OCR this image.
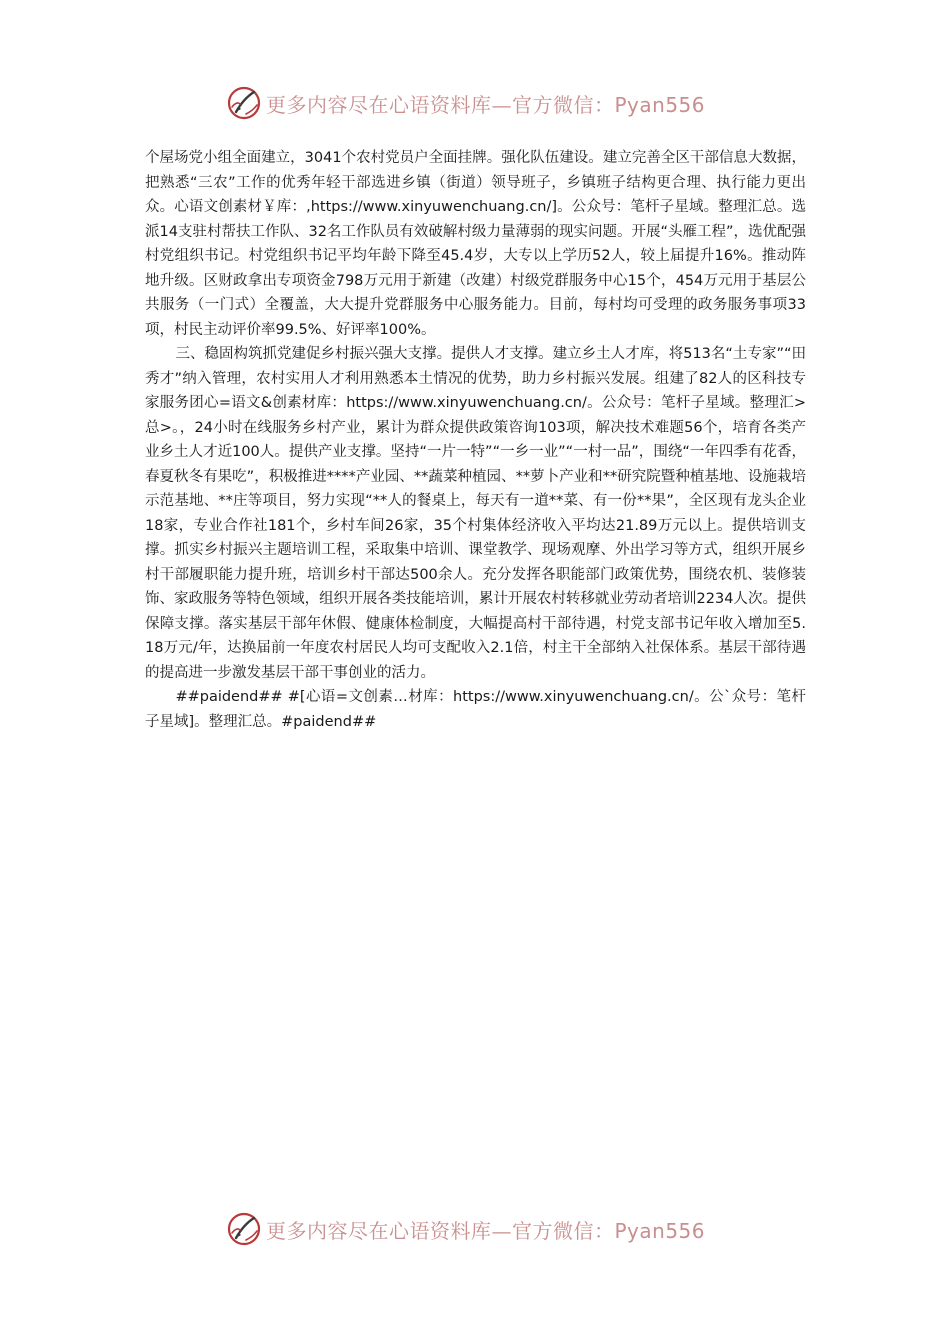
更多内容尽在心语资料库—官方微信：Pyan556

个屋场党小组全面建立，3041个农村党员户全面挂牌。强化队伍建设。建立完善全区干部信息大数据，把熟悉“三农”工作的优秀年轻干部选进乡镇（街道）领导班子，乡镇班子结构更合理、执行能力更出众。心语文创素材￥库：,https://www.xinyuwenchuang.cn/]。公众号：笔杆子星域。整理汇总。选派14支驻村帮扶工作队、32名工作队员有效破解村级力量薄弱的现实问题。开展“头雁工程”，选优配强村党组织书记。村党组织书记平均年龄下降至45.4岁，大专以上学历52人，较上届提升16%。推动阵地升级。区财政拿出专项资金798万元用于新建（改建）村级党群服务中心15个，454万元用于基层公共服务（一门式）全覆盖，大大提升党群服务中心服务能力。目前，每村均可受理的政务服务事项33项，村民主动评价率99.5%、好评率100%。

三、稳固构筑抓党建促乡村振兴强大支撑。提供人才支撑。建立乡土人才库，将513名“土专家”“田秀才”纳入管理，农村实用人才利用熟悉本土情况的优势，助力乡村振兴发展。组建了82人的区科技专家服务团心=语文&创素材库：https://www.xinyuwenchuang.cn/。公众号：笔杆子星域。整理汇>总>。，24小时在线服务乡村产业，累计为群众提供政策咨询103项，解决技术难题56个，培育各类产业乡土人才近100人。提供产业支撑。坚持“一片一特”“一乡一业”“一村一品”，围绕“一年四季有花香，春夏秋冬有果吃”，积极推进****产业园、**蔬菜种植园、**萝卜产业和**研究院暨种植基地、设施栽培示范基地、**庄等项目，努力实现“**人的餐桌上，每天有一道**菜、有一份**果”，全区现有龙头企业18家，专业合作社181个，乡村车间26家，35个村集体经济收入平均达21.89万元以上。提供培训支撑。抓实乡村振兴主题培训工程，采取集中培训、课堂教学、现场观摩、外出学习等方式，组织开展乡村干部履职能力提升班，培训乡村干部达500余人。充分发挥各职能部门政策优势，围绕农机、装修装饰、家政服务等特色领域，组织开展各类技能培训，累计开展农村转移就业劳动者培训2234人次。提供保障支撑。落实基层干部年休假、健康体检制度，大幅提高村干部待遇，村党支部书记年收入增加至5.18万元/年，达换届前一年度农村居民人均可支配收入2.1倍，村主干全部纳入社保体系。基层干部待遇的提高进一步激发基层干部干事创业的活力。

##paidend## #[心语=文创素…材库：https://www.xinyuwenchuang.cn/。公`众号：笔杆子星域]。整理汇总。#paidend##

更多内容尽在心语资料库—官方微信：Pyan556
